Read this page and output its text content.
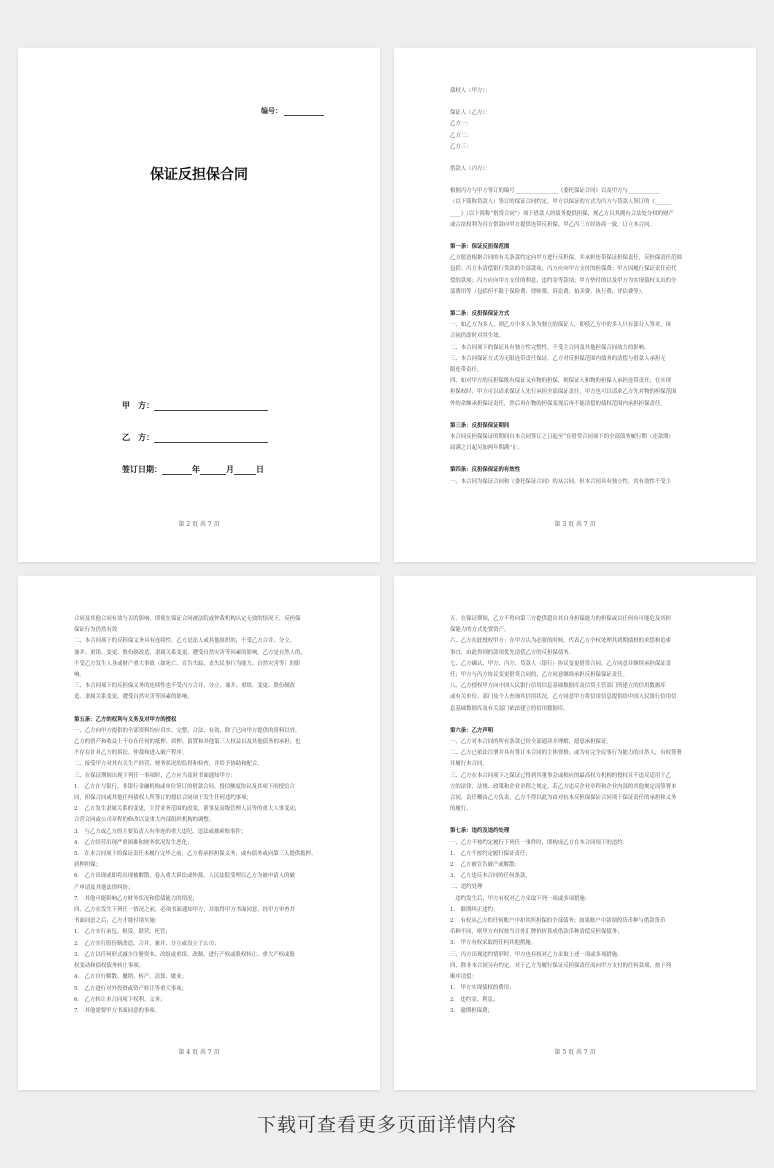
编号：
保证反担保合同
甲　方：
乙　方：
签订日期：	年	月	日
第 2 页 共 7 页

债权人（甲方）：

保证人（乙方）：

乙方一：

乙方二：

乙方三：

借款人（丙方）：

根据丙方与甲方签订的编号________________《委托保证合同》以及甲方与____________

（以下简称贷款人）签订的保证合同约定，甲方以保证的方式为丙方与贷款人签订的《______

____》（以下简称“借贷合同”）项下借款人的债务提供担保，现乙方以其拥有合法处分权的财产

或合法权利为丙方借款向甲方提供连带反担保。甲乙丙三方经协商一致，订立本合同。

第一条：保证反担保范围

乙方愿意根据合同的有关条款约定向甲方进行反担保，并承担连带保证担保责任，反担保责任范围

包括：丙方未清偿银行贷款的全部款项；丙方应向甲方支付的担保费；甲方因履行保证责任而代

偿的款项；丙方应向甲方支付的利息、违约金等款项；甲方垫付的以及甲方为实现债权支出的全

部费用等（包括但不限于保险费、律师费、诉讼费、拍卖费、执行费、评估费等）。

第二条：反担保保证方式

一、如乙方为多人，则乙方中多人各为独立的保证人，即使乙方中的多人只有部分人签章，该

合同仍即时对其生效。

二、本合同项下的保证具有独立性完整性，不受主合同及其他担保合同效力的影响。

三、本合同保证方式为无限连带责任保证。乙方对反担保范围内债务的清偿与借款人承担无

限连带责任。

四、如对甲方的反担保既有保证又有物的担保，则保证人和物的担保人承担连带责任；在实现

担保权时，甲方可以请求保证人先行承担全部保证责任，甲方也可以请求乙方先对物的担保范围

外的余额承担保证责任，然后再在物的担保变现后再不能清偿的债权范围内承担担保责任。

第三条：反担保保证期间

本合同反担保保证的期间自本合同签订之日起至“在借贷合同项下的全部债务履行期（还款期）

届满之日起另加两年期满”止。

第四条：反担保保证的有效性

一、本合同为保证合同和《委托保证合同》的从合同，但本合同具有独立性，其有效性不受主

第 3 页 共 7 页

合同及其他合同有效与否的影响，即使在保证合同被法院或仲裁机构认定无效的情况下，反担保

保证行为仍然有效

二、本合同项下的反担保义务具有连续性。乙方是法人或其他组织的，不受乙方合并、分立、

兼并、重组、变更、股份制改造、隶属关系变更、遭受自然灾害等因素的影响。乙方是自然人的，

不受乙方发生人身或财产重大事故（如死亡、宣告失踪、丧失民事行为能力、自然灾害等）的影

响。

三、本合同项下的反担保义务的连续性也不受丙方合并、分立、兼并、重组、变更、股份制改

造、隶属关系变更、遭受自然灾害等因素的影响。

第五条：乙方的权利与义务及对甲方的授权

一、乙方向甲方提供的全部资料均应真实、完整、合法、有效，除了已向甲方提供的资料以外，

乙方的资产和收益上不存在任何的抵押、质押、留置和其他第三人权益以及其他债务的承担；也

不存在针对乙方的诉讼、仲裁和进入破产程序。

二、接受甲方对其有关生产经营、财务状况的监督和检查，并给予协助和配合。

三、在保证期间出现下列任一事项时，乙方应当及时书面通知甲方：

1.　乙方在与银行、非银行金融机构或单位签订的借款合同、授信额度协议及其项下的授信合

同，担保合同或其他任何债权人所签订的授信合同项下发生任何违约事项；

2.　乙方发生隶属关系的变更，主营业务范围的改变，董事及高级管理人员等的重大人事变动，

合营合同或公司章程的修改以及重大内部组织机构的调整；

3.　与乙方或乙方的主要负责人有牵连的重大违纪、违法或被索赔事件；

4.　乙方经营出现严重困难和财务状况发生恶化；

5.　在本合同项下的保证责任未履行完毕之前，乙方将承担担保义务，或有债务或向第三人提供抵押、

质押担保；

6.　乙方出现或即将出现被解散、卷入重大诉讼或仲裁、人民法院受理以乙方为被申请人的破

产申请及其他法律纠纷；

7.　其他可能影响乙方财务状况和偿债能力的情况；

四、乙方在发生下列任一情况之前，必须书面通知甲方，并取得甲方书面同意，经甲方审查并

书面同意之后，乙方才能付诸实施：

1.　乙方实行承包、租赁、联营、托管；

2.　乙方实行股份制改造、合并、兼并、分立或设立子公司；

3.　乙方以任何形式减少注册资本、改组或重组、改制、进行产权或股权转让、重大产权或股

权变动和债权债务转让事项；

4.　乙方自行解散、撤销、转产、清算、歇业；

5.　乙方进行对外投资或资产转让等重大事项；

6.　乙方转让本合同项下权利、义务；

7.　其他需要甲方书面同意的事项。

第 4 页 共 7 页

五、在保证期间，乙方不得向第三方提供超出其自身担保能力的担保或以任何有可能危及其担

保能力的方式处置资产。

六、乙方在此授权甲方：在甲方认为必要的时候，代表乙方全权处理其到期债权的求偿和追索

事宜，由此得到的款项优先清偿乙方的反担保债务。

七、乙方确认，甲方、丙方、贷款人（银行）协议变更借贷合同，乙方同意并继续承担保证责

任；甲方与丙方协议变更借贷合同的，乙方同意继续承担反担保保证责任。

八、乙方授权甲方向中国人民银行信用信息基础数据库及信贷主管部门所建立的信用数据库

或有关单位、部门及个人查询其信用状况，乙方同意甲方将信用信息提供给中国人民银行信用信

息基础数据库及有关部门依法建立的信用数据库。

第六条：乙方声明

一、乙方对本合同的所有条款已经全部通读并理解，愿意承担保证。

二、乙方已依法注册并具有签订本合同的主体资格；或为有完全民事行为能力的自然人，有权签署

并履行本合同。

三、乙方在本合同项下之保证已得到其董事会或相应的最高权力机构的授权且不违反适用于乙

方的法律、法规、政策和企业章程之规定，若乙方违反企业章程和企业内部的其他规定而签署本

合同，责任概由乙方负责，乙方不得以此为由对抗本反担保保证合同项下保证责任的承担和义务

的履行。

第七条：违约及违约处理

一、乙方不按约定履行下列任一事件时，即构成乙方在本合同项下的违约：

1.　乙方不按约定履行保证责任；

2.　乙方被宣告破产或解散；

3.　乙方违反本合同的任何条款。

二、违约处理

　违约发生后，甲方有权对乙方采取下列一项或多项措施：

1.　限期纠正违约；

2.　有权从乙方的任何账户中扣其所担保的全部债务；如果账户中款项的货币种与借款货币

币种不同，则甲方有权按当日外汇牌价折算成借款币种清偿反担保债务；

3.　甲方有权采取的任何其他措施。

三、丙方出现违约情形时，甲方也有权对乙方采取上述一项或多项措施。

四、除非本合同另有约定，对于乙方为履行保证反担保责任而向甲方支付的任何款项，按下列

顺序清偿：

1.　甲方实现债权的费用；

2.　违约金、利息；

3.　逾期担保费；

第 5 页 共 7 页
下载可查看更多页面详情内容
